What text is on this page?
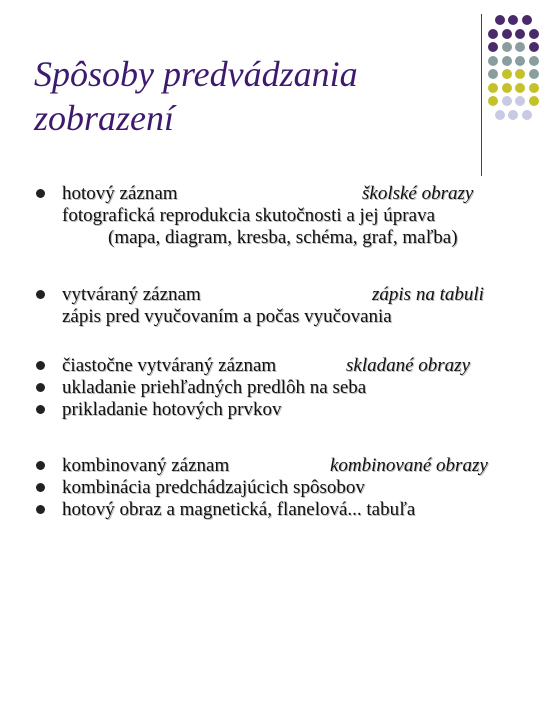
Spôsoby predvádzania
zobrazení
hotový záznam	školské obrazy
fotografická reprodukcia skutočnosti a jej úprava
(mapa, diagram, kresba, schéma, graf, maľba)
vytváraný záznam	zápis na tabuli
zápis pred vyučovaním a počas vyučovania
čiastočne vytváraný záznam	skladané obrazy
ukladanie priehľadných predlôh na seba
prikladanie hotových prvkov
kombinovaný záznam	kombinované obrazy
kombinácia predchádzajúcich spôsobov
hotový obraz a magnetická, flanelová... tabuľa
